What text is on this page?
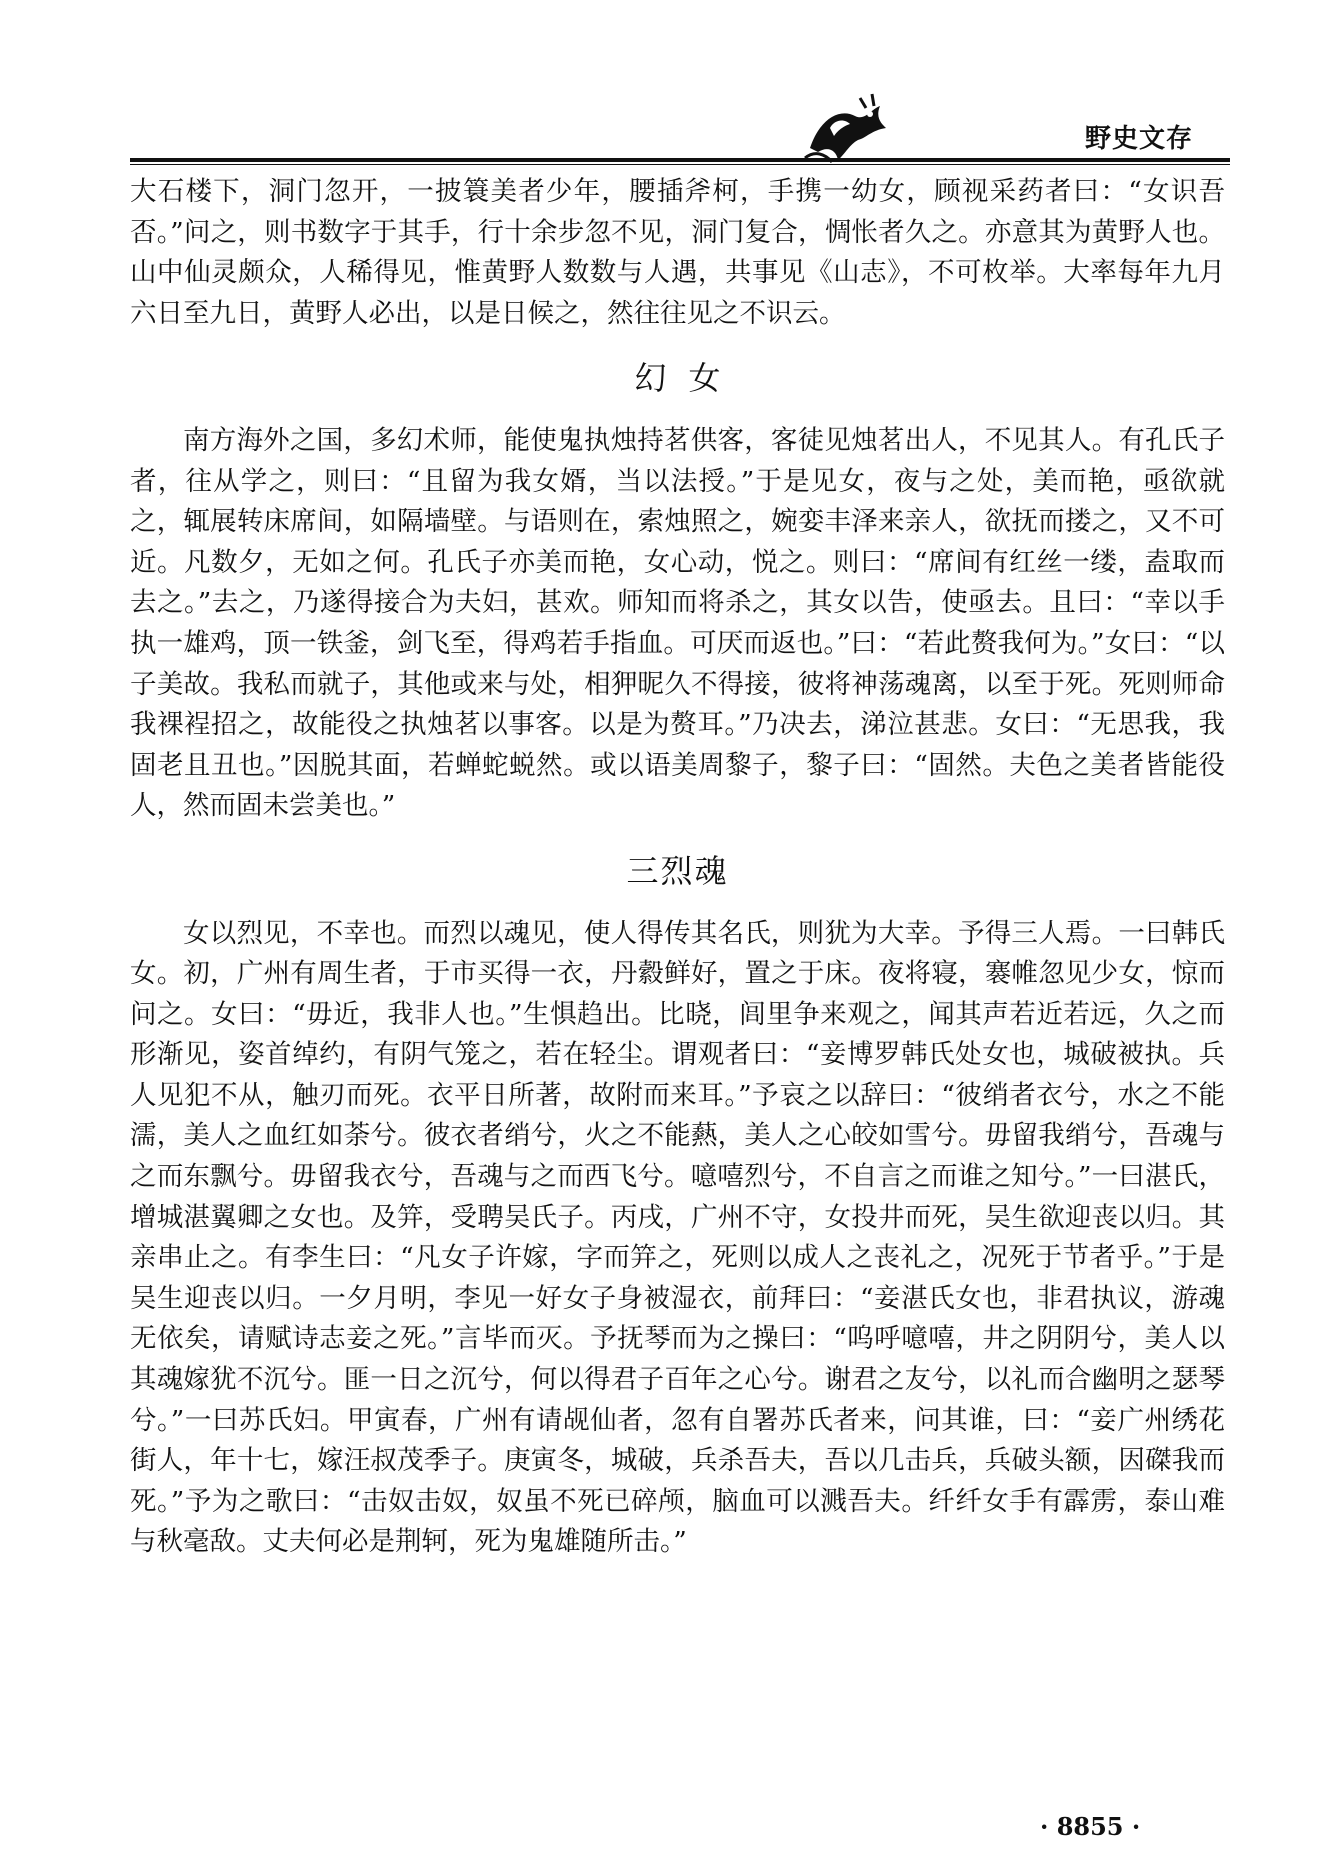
野史文存

大石楼下，洞门忽开，一披簑美者少年，腰插斧柯，手携一幼女，顾视采药者曰：“女识吾否。”问之，则书数字于其手，行十余步忽不见，洞门复合，惆怅者久之。亦意其为黄野人也。山中仙灵颇众，人稀得见，惟黄野人数数与人遇，共事见《山志》，不可枚举。大率每年九月六日至九日，黄野人必出，以是日候之，然往往见之不识云。

幻女

南方海外之国，多幻术师，能使鬼执烛持茗供客，客徒见烛茗出人，不见其人。有孔氏子者，往从学之，则曰：“且留为我女婿，当以法授。”于是见女，夜与之处，美而艳，亟欲就之，辄展转床席间，如隔墙壁。与语则在，索烛照之，婉娈丰泽来亲人，欲抚而搂之，又不可近。凡数夕，无如之何。孔氏子亦美而艳，女心动，悦之。则曰：“席间有红丝一缕，盍取而去之。”去之，乃遂得接合为夫妇，甚欢。师知而将杀之，其女以告，使亟去。且曰：“幸以手执一雄鸡，顶一铁釜，剑飞至，得鸡若手指血。可厌而返也。”曰：“若此赘我何为。”女曰：“以子美故。我私而就子，其他或来与处，相狎昵久不得接，彼将神荡魂离，以至于死。死则师命我裸裎招之，故能役之执烛茗以事客。以是为赘耳。”乃决去，涕泣甚悲。女曰：“无思我，我固老且丑也。”因脱其面，若蝉蛇蜕然。或以语美周黎子，黎子曰：“固然。夫色之美者皆能役人，然而固未尝美也。”

三烈魂

女以烈见，不幸也。而烈以魂见，使人得传其名氏，则犹为大幸。予得三人焉。一曰韩氏女。初，广州有周生者，于市买得一衣，丹縠鲜好，置之于床。夜将寝，褰帷忽见少女，惊而问之。女曰：“毋近，我非人也。”生惧趋出。比晓，闾里争来观之，闻其声若近若远，久之而形渐见，姿首绰约，有阴气笼之，若在轻尘。谓观者曰：“妾博罗韩氏处女也，城破被执。兵人见犯不从，触刃而死。衣平日所著，故附而来耳。”予哀之以辞曰：“彼绡者衣兮，水之不能濡，美人之血红如荼兮。彼衣者绡兮，火之不能爇，美人之心皎如雪兮。毋留我绡兮，吾魂与之而东飘兮。毋留我衣兮，吾魂与之而西飞兮。噫嘻烈兮，不自言之而谁之知兮。”一曰湛氏，增城湛翼卿之女也。及笄，受聘吴氏子。丙戌，广州不守，女投井而死，吴生欲迎丧以归。其亲串止之。有李生曰：“凡女子许嫁，字而笄之，死则以成人之丧礼之，况死于节者乎。”于是吴生迎丧以归。一夕月明，李见一好女子身被湿衣，前拜曰：“妾湛氏女也，非君执议，游魂无依矣，请赋诗志妾之死。”言毕而灭。予抚琴而为之操曰：“呜呼噫嘻，井之阴阴兮，美人以其魂嫁犹不沉兮。匪一日之沉兮，何以得君子百年之心兮。谢君之友兮，以礼而合幽明之瑟琴兮。”一曰苏氏妇。甲寅春，广州有请觇仙者，忽有自署苏氏者来，问其谁，曰：“妾广州绣花街人，年十七，嫁汪叔茂季子。庚寅冬，城破，兵杀吾夫，吾以几击兵，兵破头额，因磔我而死。”予为之歌曰：“击奴击奴，奴虽不死已碎颅，脑血可以溅吾夫。纤纤女手有霹雳，泰山难与秋毫敌。丈夫何必是荆轲，死为鬼雄随所击。”

· 8855 ·
